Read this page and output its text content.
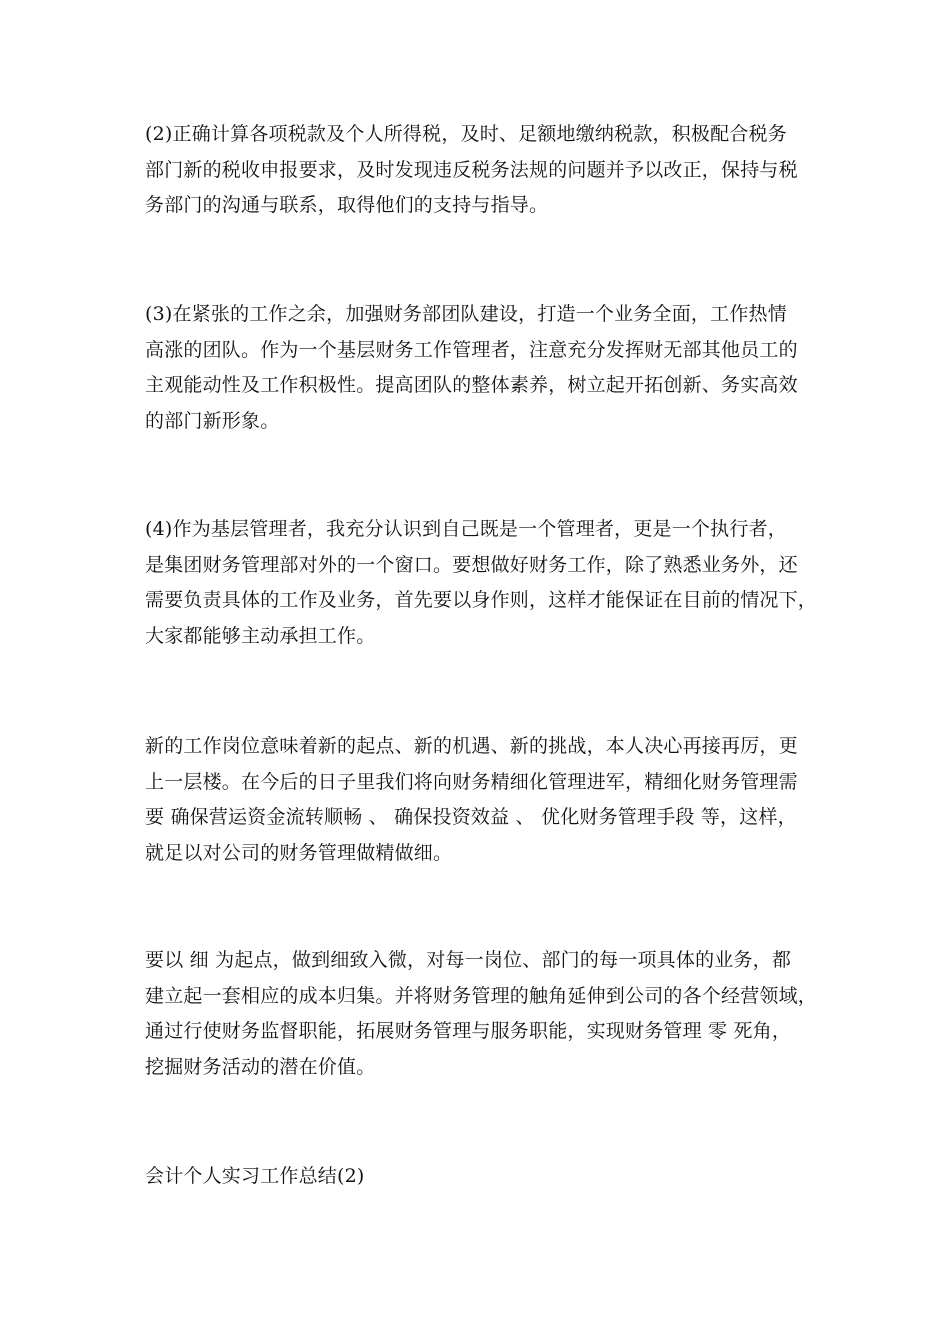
(2)正确计算各项税款及个人所得税，及时、足额地缴纳税款，积极配合税务
部门新的税收申报要求，及时发现违反税务法规的问题并予以改正，保持与税
务部门的沟通与联系，取得他们的支持与指导。

(3)在紧张的工作之余，加强财务部团队建设，打造一个业务全面，工作热情
高涨的团队。作为一个基层财务工作管理者，注意充分发挥财无部其他员工的
主观能动性及工作积极性。提高团队的整体素养，树立起开拓创新、务实高效
的部门新形象。

(4)作为基层管理者，我充分认识到自己既是一个管理者，更是一个执行者，
是集团财务管理部对外的一个窗口。要想做好财务工作，除了熟悉业务外，还
需要负责具体的工作及业务，首先要以身作则，这样才能保证在目前的情况下，
大家都能够主动承担工作。

新的工作岗位意味着新的起点、新的机遇、新的挑战，本人决心再接再厉，更
上一层楼。在今后的日子里我们将向财务精细化管理进军，精细化财务管理需
要 确保营运资金流转顺畅 、 确保投资效益 、 优化财务管理手段 等，这样，
就足以对公司的财务管理做精做细。

要以 细 为起点，做到细致入微，对每一岗位、部门的每一项具体的业务，都
建立起一套相应的成本归集。并将财务管理的触角延伸到公司的各个经营领域，
通过行使财务监督职能，拓展财务管理与服务职能，实现财务管理 零 死角，
挖掘财务活动的潜在价值。

会计个人实习工作总结(2)
